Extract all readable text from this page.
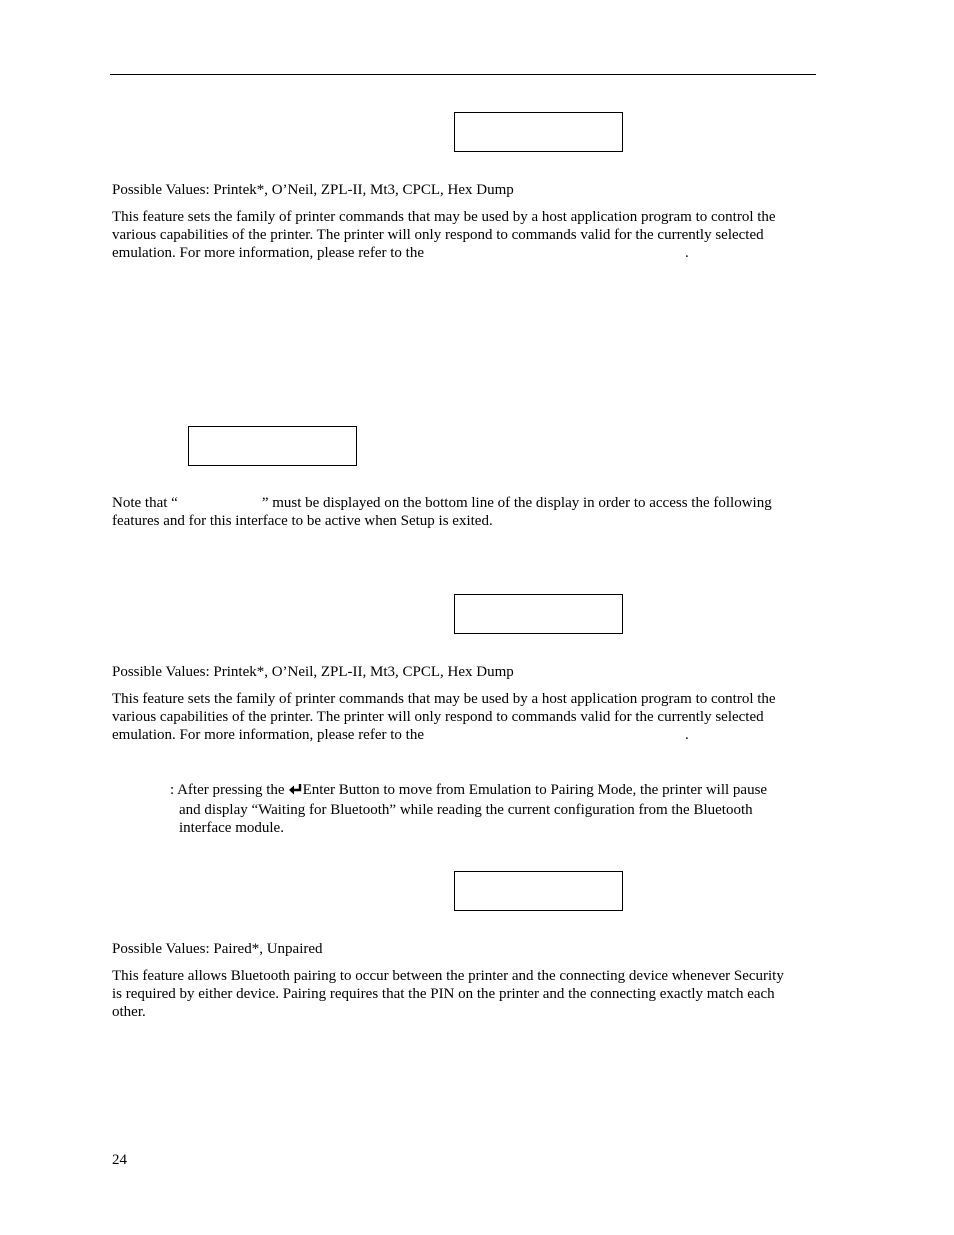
Possible Values: Printek*, O’Neil, ZPL-II, Mt3, CPCL, Hex Dump
This feature sets the family of printer commands that may be used by a host application program to control the
various capabilities of the printer. The printer will only respond to commands valid for the currently selected
emulation. For more information, please refer to the	.
Note that “	” must be displayed on the bottom line of the display in order to access the following
features and for this interface to be active when Setup is exited.
Possible Values: Printek*, O’Neil, ZPL-II, Mt3, CPCL, Hex Dump
This feature sets the family of printer commands that may be used by a host application program to control the
various capabilities of the printer. The printer will only respond to commands valid for the currently selected
emulation. For more information, please refer to the	.
: After pressing the Enter Button to move from Emulation to Pairing Mode, the printer will pause
and display “Waiting for Bluetooth” while reading the current configuration from the Bluetooth
interface module.
Possible Values: Paired*, Unpaired
This feature allows Bluetooth pairing to occur between the printer and the connecting device whenever Security
is required by either device. Pairing requires that the PIN on the printer and the connecting exactly match each
other.
24
